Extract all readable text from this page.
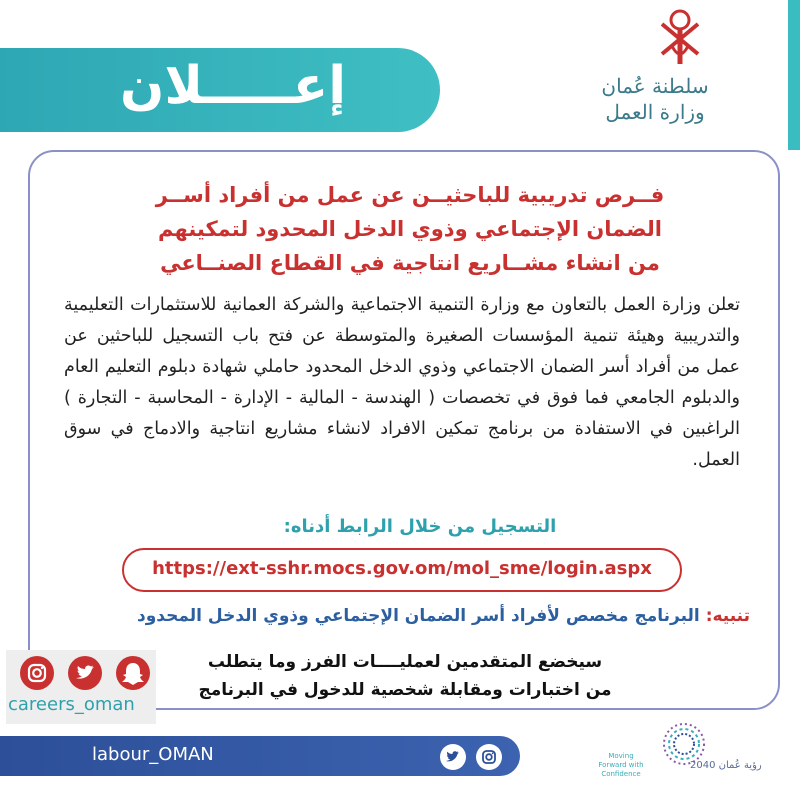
إعـــــلان	سلطنة عُمان
وزارة العمل
فــرص تدريبية للباحثيــن عن عمل من أفراد أســر
الضمان الإجتماعي وذوي الدخل المحدود لتمكينهم
من انشاء مشــاريع انتاجية في القطاع الصنــاعي
تعلن وزارة العمل بالتعاون مع وزارة التنمية الاجتماعية والشركة العمانية للاستثمارات التعليمية والتدريبية وهيئة تنمية المؤسسات الصغيرة والمتوسطة عن فتح باب التسجيل للباحثين عن عمل من أفراد أسر الضمان الاجتماعي وذوي الدخل المحدود حاملي شهادة دبلوم التعليم العام والدبلوم الجامعي فما فوق في تخصصات ( الهندسة - المالية - الإدارة - المحاسبة - التجارة ) الراغبين في الاستفادة من برنامج تمكين الافراد لانشاء مشاريع انتاجية والادماج في سوق العمل.
التسجيل من خلال الرابط أدناه:
https://ext-sshr.mocs.gov.om/mol_sme/login.aspx
تنبيه: البرنامج مخصص لأفراد أسر الضمان الإجتماعي وذوي الدخل المحدود
سيخضع المتقدمين لعمليــــات الفرز وما يتطلب
من اختبارات ومقابلة شخصية للدخول في البرنامج
careers_oman
labour_OMAN
رؤية عُمان 2040
Moving Forward with Confidence
